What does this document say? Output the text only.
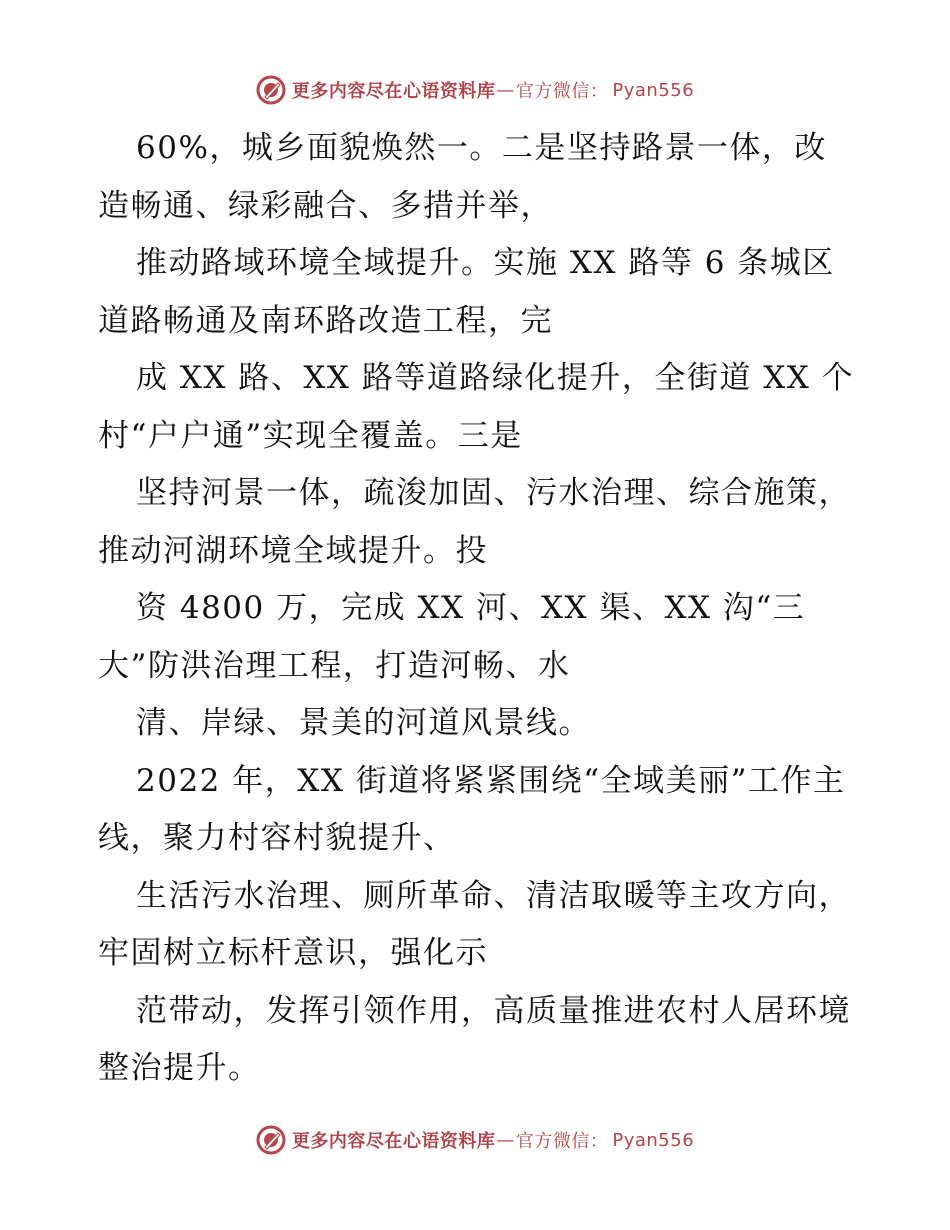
更多内容尽在心语资料库 — 官方微信： Pyan556

60%，城乡面貌焕然一。二是坚持路景一体，改造畅通、绿彩融合、多措并举，

推动路域环境全域提升。实施 XX 路等 6 条城区道路畅通及南环路改造工程，完

成 XX 路、XX 路等道路绿化提升，全街道 XX 个村“户户通”实现全覆盖。三是

坚持河景一体，疏浚加固、污水治理、综合施策，推动河湖环境全域提升。投

资 4800 万，完成 XX 河、XX 渠、XX 沟“三大”防洪治理工程，打造河畅、水

清、岸绿、景美的河道风景线。

2022 年，XX 街道将紧紧围绕“全域美丽”工作主线，聚力村容村貌提升、

生活污水治理、厕所革命、清洁取暖等主攻方向，牢固树立标杆意识，强化示

范带动，发挥引领作用，高质量推进农村人居环境整治提升。

更多内容尽在心语资料库 — 官方微信： Pyan556
